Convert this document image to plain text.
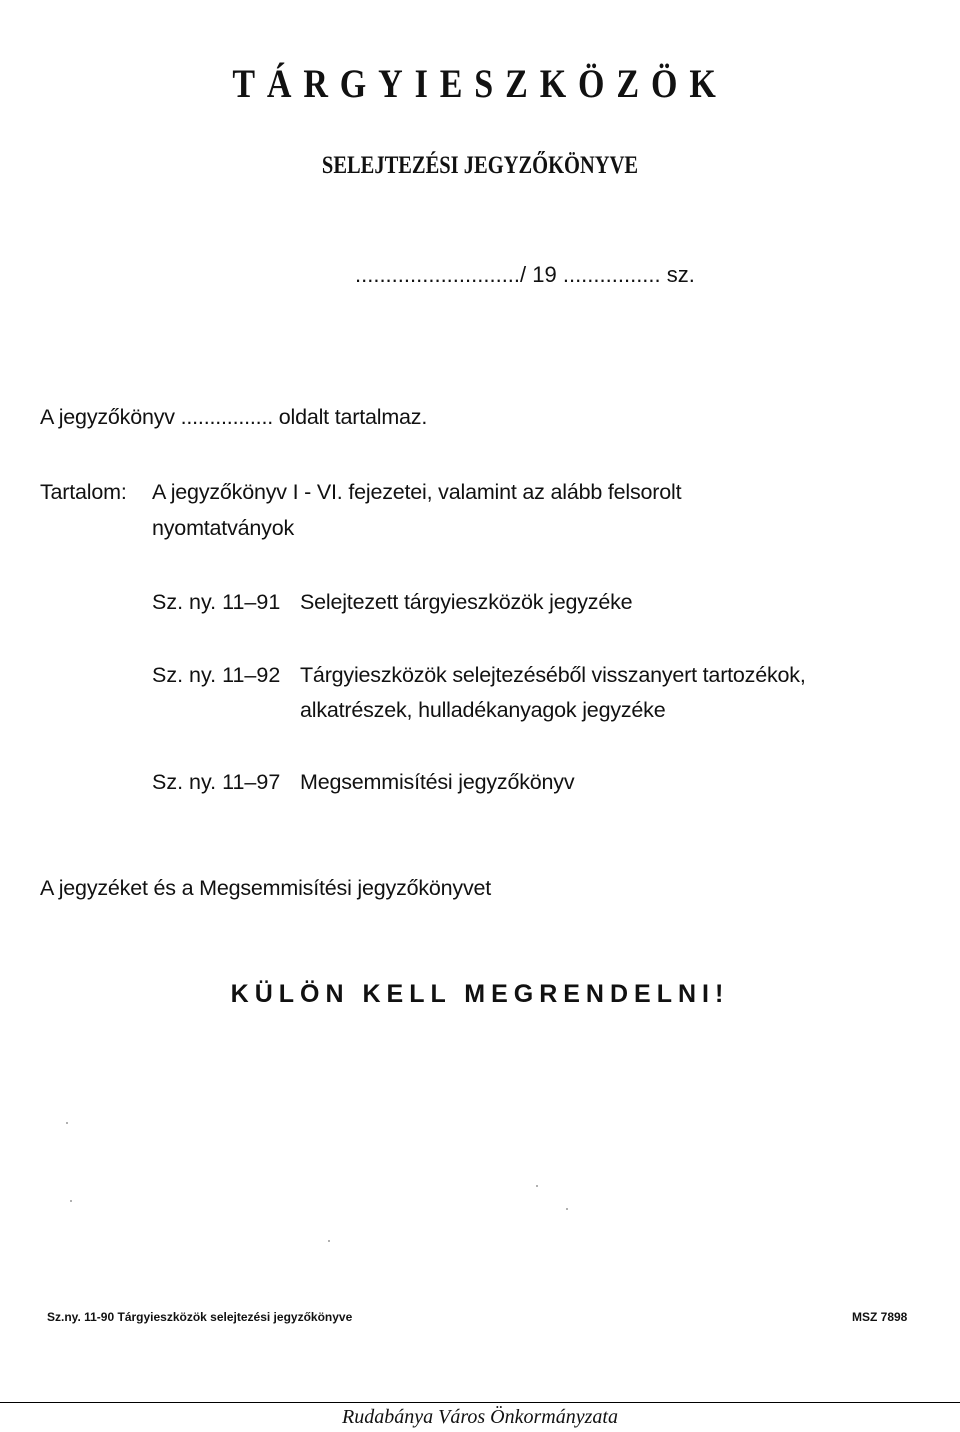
TÁRGYIESZKÖZÖK
SELEJTEZÉSI JEGYZŐKÖNYVE
.........................../ 19 ................ sz.
A jegyzőkönyv ................ oldalt tartalmaz.
Tartalom: A jegyzőkönyv I - VI. fejezetei, valamint az alább felsorolt
nyomtatványok
Sz. ny. 11–91 Selejtezett tárgyieszközök jegyzéke
Sz. ny. 11–92 Tárgyieszközök selejtezéséből visszanyert tartozékok,
alkatrészek, hulladékanyagok jegyzéke
Sz. ny. 11–97 Megsemmisítési jegyzőkönyv
A jegyzéket és a Megsemmisítési jegyzőkönyvet
KÜLÖN KELL MEGRENDELNI!
Sz.ny. 11-90 Tárgyieszközök selejtezési jegyzőkönyve	MSZ 7898
Rudabánya Város Önkormányzata
